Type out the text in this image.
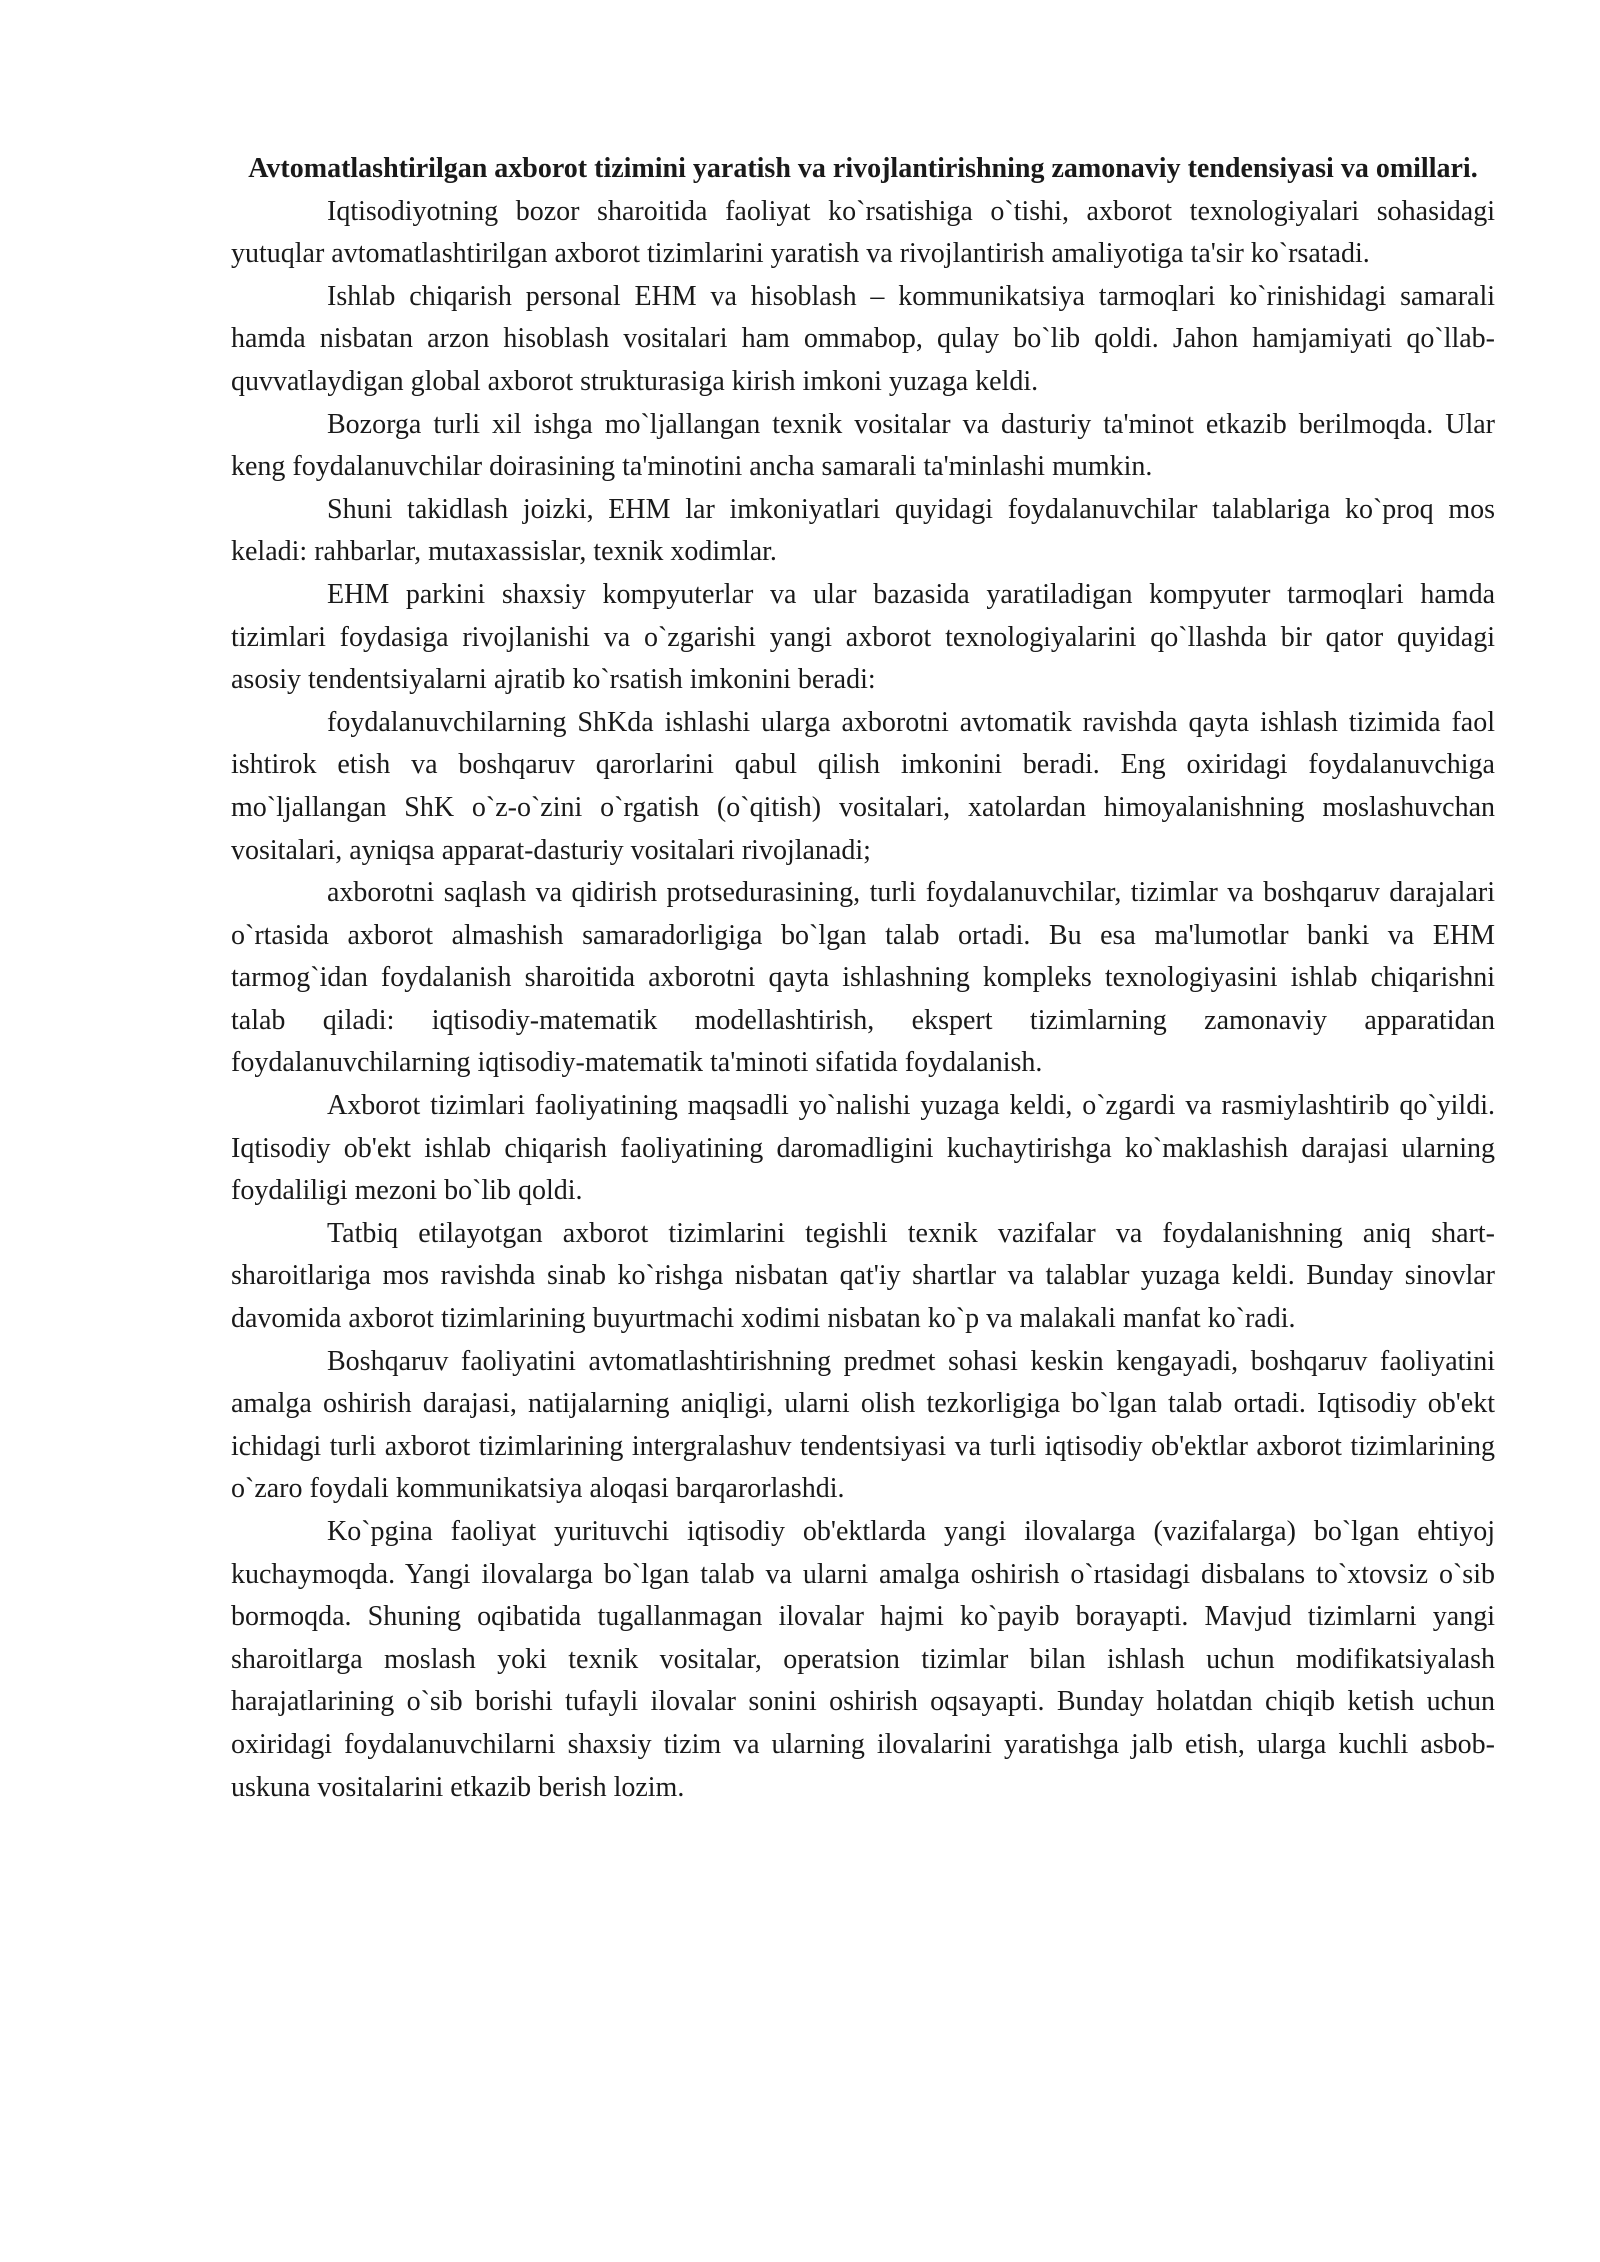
Avtomatlashtirilgan axborot tizimini yaratish va rivojlantirishning zamonaviy tendensiyasi va omillari.

Iqtisodiyotning bozor sharoitida faoliyat ko`rsatishiga o`tishi, axborot texnologiyalari sohasidagi yutuqlar avtomatlashtirilgan axborot tizimlarini yaratish va rivojlantirish amaliyotiga ta'sir ko`rsatadi.

Ishlab chiqarish personal EHM va hisoblash – kommunikatsiya tarmoqlari ko`rinishidagi samarali hamda nisbatan arzon hisoblash vositalari ham ommabop, qulay bo`lib qoldi. Jahon hamjamiyati qo`llab-quvvatlaydigan global axborot strukturasiga kirish imkoni yuzaga keldi.

Bozorga turli xil ishga mo`ljallangan texnik vositalar va dasturiy ta'minot etkazib berilmoqda. Ular keng foydalanuvchilar doirasining ta'minotini ancha samarali ta'minlashi mumkin.

Shuni takidlash joizki, EHM lar imkoniyatlari quyidagi foydalanuvchilar talablariga ko`proq mos keladi: rahbarlar, mutaxassislar, texnik xodimlar.

EHM parkini shaxsiy kompyuterlar va ular bazasida yaratiladigan kompyuter tarmoqlari hamda tizimlari foydasiga rivojlanishi va o`zgarishi yangi axborot texnologiyalarini qo`llashda bir qator quyidagi asosiy tendentsiyalarni ajratib ko`rsatish imkonini beradi:

foydalanuvchilarning ShKda ishlashi ularga axborotni avtomatik ravishda qayta ishlash tizimida faol ishtirok etish va boshqaruv qarorlarini qabul qilish imkonini beradi. Eng oxiridagi foydalanuvchiga mo`ljallangan ShK o`z-o`zini o`rgatish (o`qitish) vositalari, xatolardan himoyalanishning moslashuvchan vositalari, ayniqsa apparat-dasturiy vositalari rivojlanadi;

axborotni saqlash va qidirish protsedurasining, turli foydalanuvchilar, tizimlar va boshqaruv darajalari o`rtasida axborot almashish samaradorligiga bo`lgan talab ortadi. Bu esa ma'lumotlar banki va EHM tarmog`idan foydalanish sharoitida axborotni qayta ishlashning kompleks texnologiyasini ishlab chiqarishni talab qiladi: iqtisodiy-matematik modellashtirish, ekspert tizimlarning zamonaviy apparatidan foydalanuvchilarning iqtisodiy-matematik ta'minoti sifatida foydalanish.

Axborot tizimlari faoliyatining maqsadli yo`nalishi yuzaga keldi, o`zgardi va rasmiylashtirib qo`yildi. Iqtisodiy ob'ekt ishlab chiqarish faoliyatining daromadligini kuchaytirishga ko`maklashish darajasi ularning foydaliligi mezoni bo`lib qoldi.

Tatbiq etilayotgan axborot tizimlarini tegishli texnik vazifalar va foydalanishning aniq shart-sharoitlariga mos ravishda sinab ko`rishga nisbatan qat'iy shartlar va talablar yuzaga keldi. Bunday sinovlar davomida axborot tizimlarining buyurtmachi xodimi nisbatan ko`p va malakali manfat ko`radi.

Boshqaruv faoliyatini avtomatlashtirishning predmet sohasi keskin kengayadi, boshqaruv faoliyatini amalga oshirish darajasi, natijalarning aniqligi, ularni olish tezkorligiga bo`lgan talab ortadi. Iqtisodiy ob'ekt ichidagi turli axborot tizimlarining intergralashuv tendentsiyasi va turli iqtisodiy ob'ektlar axborot tizimlarining o`zaro foydali kommunikatsiya aloqasi barqarorlashdi.

Ko`pgina faoliyat yurituvchi iqtisodiy ob'ektlarda yangi ilovalarga (vazifalarga) bo`lgan ehtiyoj kuchaymoqda. Yangi ilovalarga bo`lgan talab va ularni amalga oshirish o`rtasidagi disbalans to`xtovsiz o`sib bormoqda. Shuning oqibatida tugallanmagan ilovalar hajmi ko`payib borayapti. Mavjud tizimlarni yangi sharoitlarga moslash yoki texnik vositalar, operatsion tizimlar bilan ishlash uchun modifikatsiyalash harajatlarining o`sib borishi tufayli ilovalar sonini oshirish oqsayapti. Bunday holatdan chiqib ketish uchun oxiridagi foydalanuvchilarni shaxsiy tizim va ularning ilovalarini yaratishga jalb etish, ularga kuchli asbob-uskuna vositalarini etkazib berish lozim.
